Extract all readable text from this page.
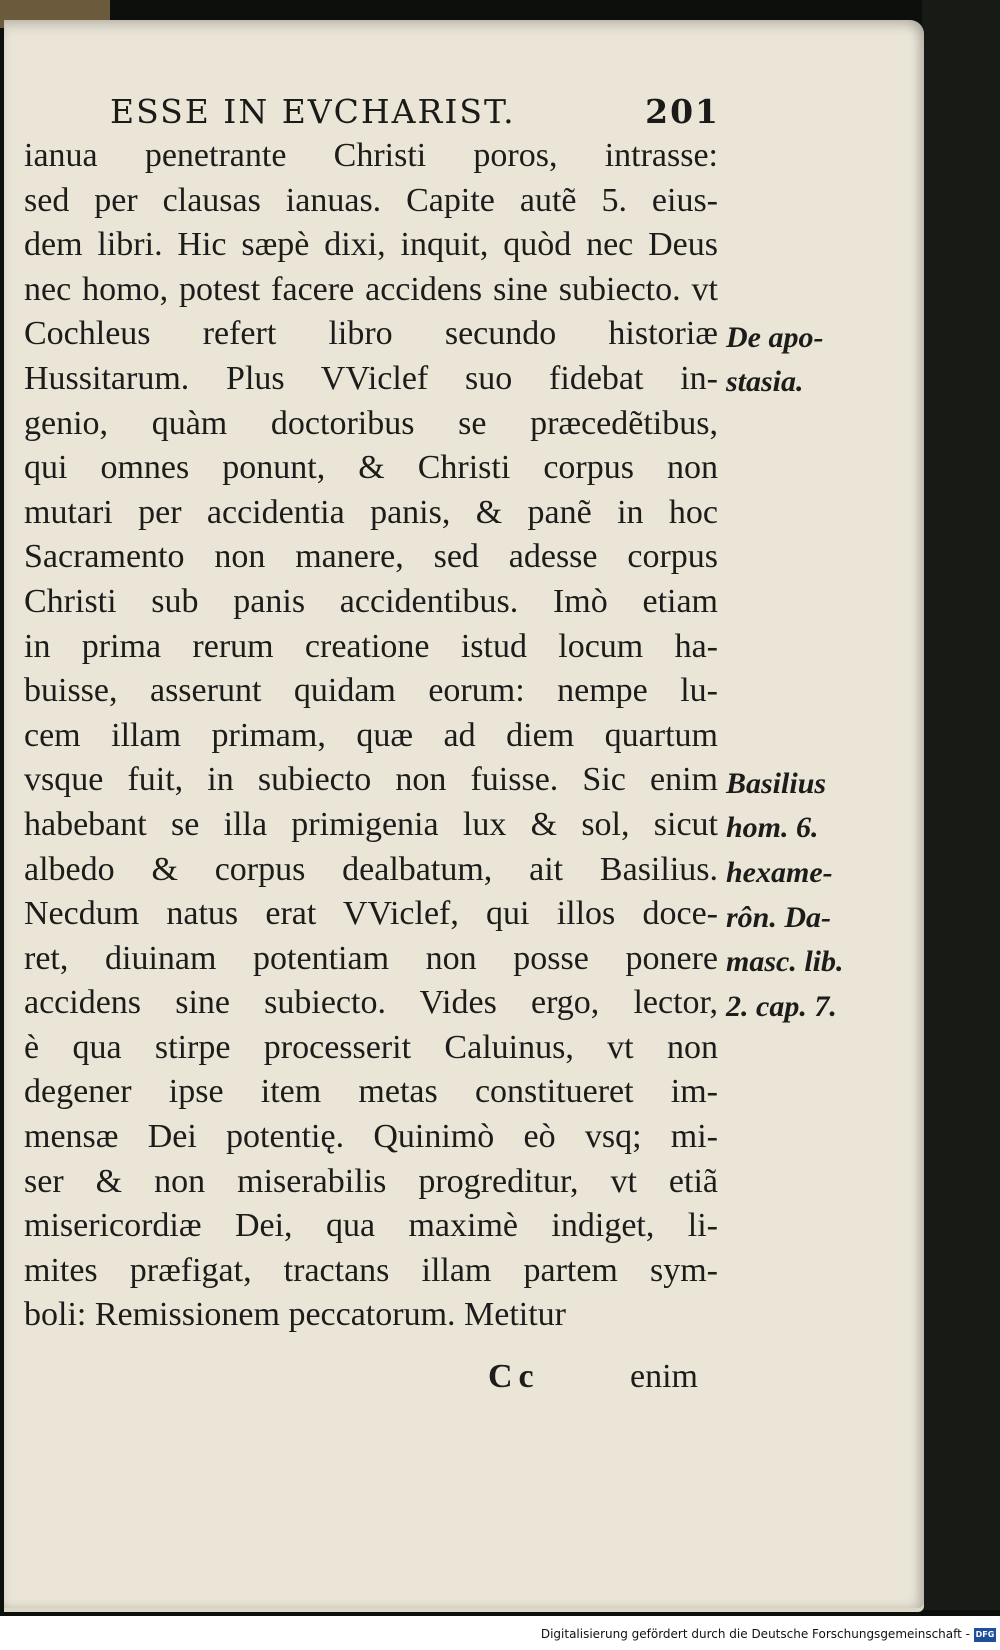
ESSE IN EVCHARIST.	201
ianua penetrante Christi poros, intrasse:
sed per clausas ianuas. Capite autẽ 5. eius-
dem libri. Hic sæpè dixi, inquit, quòd nec Deus
nec homo, potest facere accidens sine subiecto. vt
Cochleus refert libro secundo historiæ
Hussitarum. Plus VViclef suo fidebat in-
genio, quàm doctoribus se præcedẽtibus,
qui omnes ponunt, & Christi corpus non
mutari per accidentia panis, & panẽ in hoc
Sacramento non manere, sed adesse corpus
Christi sub panis accidentibus. Imò etiam
in prima rerum creatione istud locum ha-
buisse, asserunt quidam eorum: nempe lu-
cem illam primam, quæ ad diem quartum
vsque fuit, in subiecto non fuisse. Sic enim
habebant se illa primigenia lux & sol, sicut
albedo & corpus dealbatum, ait Basilius.
Necdum natus erat VViclef, qui illos doce-
ret, diuinam potentiam non posse ponere
accidens sine subiecto. Vides ergo, lector,
è qua stirpe processerit Caluinus, vt non
degener ipse item metas constitueret im-
mensæ Dei potentię. Quinimò eò vsq; mi-
ser & non miserabilis progreditur, vt etiã
misericordiæ Dei, qua maximè indiget, li-
mites præfigat, tractans illam partem sym-
boli: Remissionem peccatorum. Metitur
De apo-
stasia.
Basilius
hom. 6.
hexame-
rôn. Da-
masc. lib.
2. cap. 7.
Cc	enim
Digitalisierung gefördert durch die Deutsche Forschungsgemeinschaft - DFG
